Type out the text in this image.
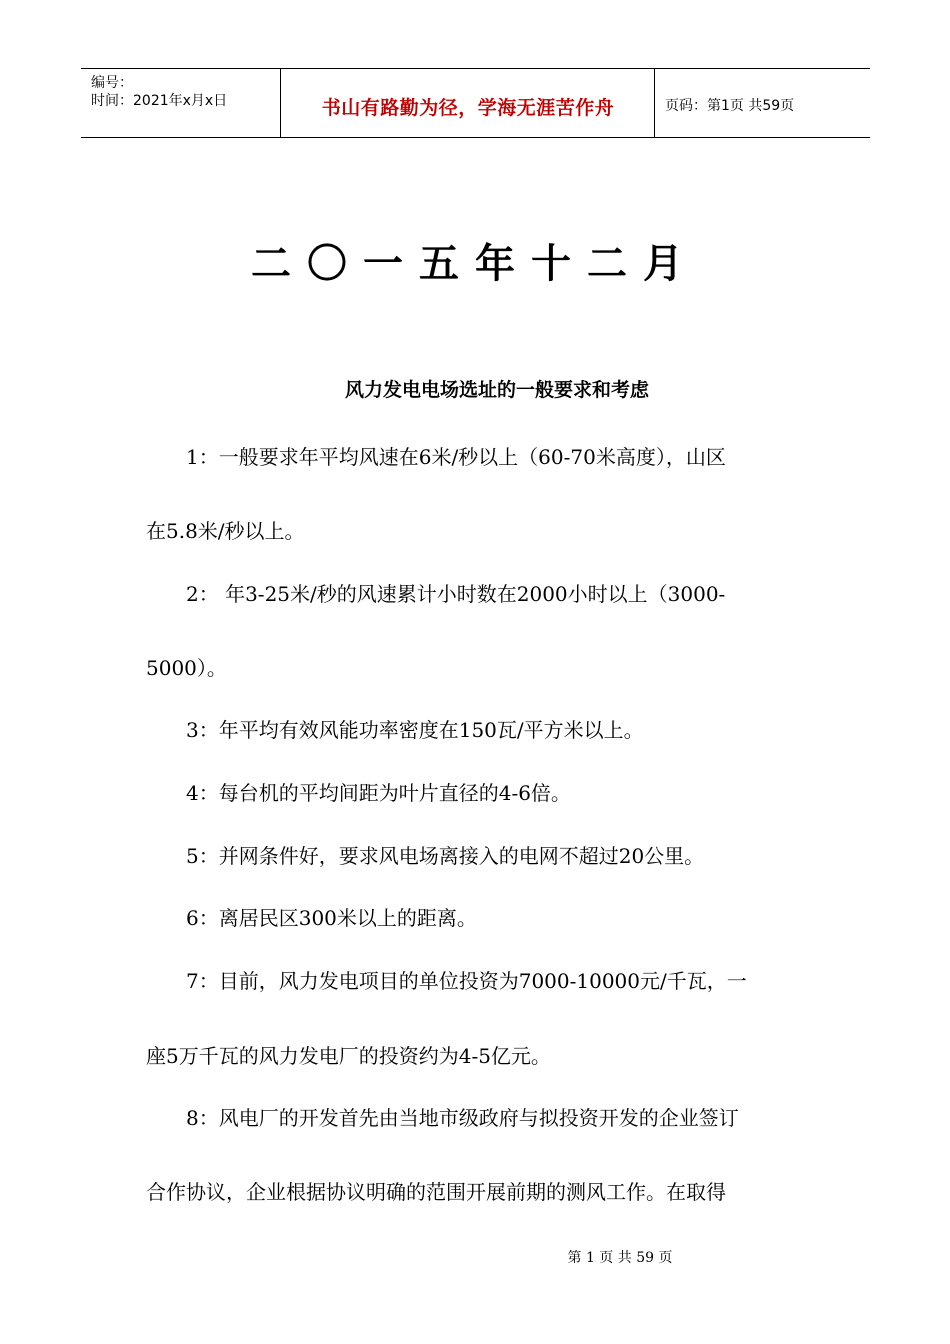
编号：
时间：2021年x月x日	书山有路勤为径，学海无涯苦作舟	页码：第1页 共59页
二〇一五年十二月
风力发电电场选址的一般要求和考虑
1：一般要求年平均风速在6米/秒以上（60-70米高度），山区
在5.8米/秒以上。
2： 年3-25米/秒的风速累计小时数在2000小时以上（3000-
5000）。
3：年平均有效风能功率密度在150瓦/平方米以上。
4：每台机的平均间距为叶片直径的4-6倍。
5：并网条件好，要求风电场离接入的电网不超过20公里。
6：离居民区300米以上的距离。
7：目前，风力发电项目的单位投资为7000-10000元/千瓦，一
座5万千瓦的风力发电厂的投资约为4-5亿元。
8：风电厂的开发首先由当地市级政府与拟投资开发的企业签订
合作协议，企业根据协议明确的范围开展前期的测风工作。在取得
第 1 页 共 59 页
